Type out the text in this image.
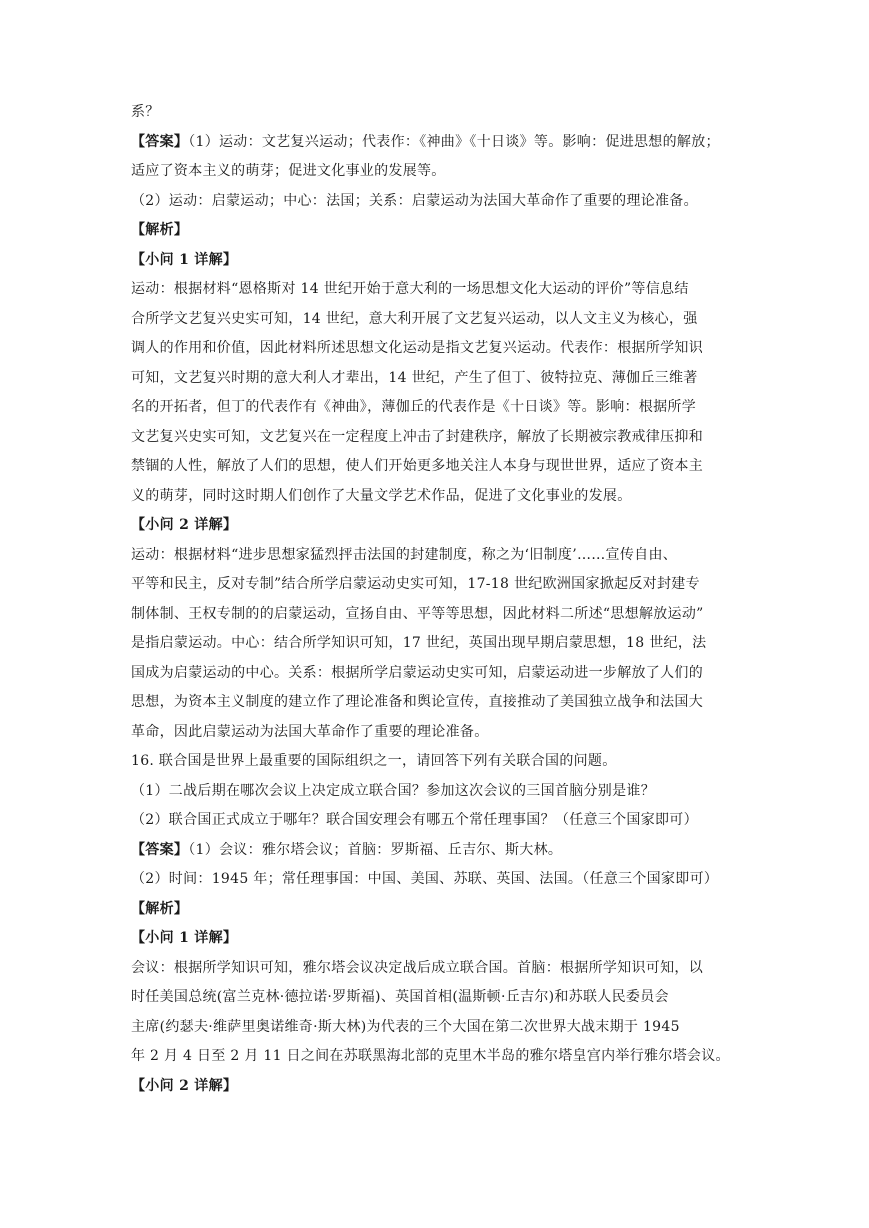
系？
【答案】（1）运动：文艺复兴运动；代表作：《神曲》《十日谈》等。影响：促进思想的解放；
适应了资本主义的萌芽；促进文化事业的发展等。
（2）运动：启蒙运动；中心：法国；关系：启蒙运动为法国大革命作了重要的理论准备。
【解析】
【小问 1 详解】
运动：根据材料“恩格斯对 14 世纪开始于意大利的一场思想文化大运动的评价”等信息结
合所学文艺复兴史实可知，14 世纪，意大利开展了文艺复兴运动，以人文主义为核心，强
调人的作用和价值，因此材料所述思想文化运动是指文艺复兴运动。代表作：根据所学知识
可知，文艺复兴时期的意大利人才辈出，14 世纪，产生了但丁、彼特拉克、薄伽丘三维著
名的开拓者，但丁的代表作有《神曲》，薄伽丘的代表作是《十日谈》等。影响：根据所学
文艺复兴史实可知，文艺复兴在一定程度上冲击了封建秩序，解放了长期被宗教戒律压抑和
禁锢的人性，解放了人们的思想，使人们开始更多地关注人本身与现世世界，适应了资本主
义的萌芽，同时这时期人们创作了大量文学艺术作品，促进了文化事业的发展。
【小问 2 详解】
运动：根据材料“进步思想家猛烈抨击法国的封建制度，称之为‘旧制度’……宣传自由、
平等和民主，反对专制”结合所学启蒙运动史实可知，17-18 世纪欧洲国家掀起反对封建专
制体制、王权专制的的启蒙运动，宣扬自由、平等等思想，因此材料二所述“思想解放运动”
是指启蒙运动。中心：结合所学知识可知，17 世纪，英国出现早期启蒙思想，18 世纪，法
国成为启蒙运动的中心。关系：根据所学启蒙运动史实可知，启蒙运动进一步解放了人们的
思想，为资本主义制度的建立作了理论准备和舆论宣传，直接推动了美国独立战争和法国大
革命，因此启蒙运动为法国大革命作了重要的理论准备。
16. 联合国是世界上最重要的国际组织之一，请回答下列有关联合国的问题。
（1）二战后期在哪次会议上决定成立联合国？参加这次会议的三国首脑分别是谁？
（2）联合国正式成立于哪年？联合国安理会有哪五个常任理事国？（任意三个国家即可）
【答案】（1）会议：雅尔塔会议；首脑：罗斯福、丘吉尔、斯大林。
（2）时间：1945 年；常任理事国：中国、美国、苏联、英国、法国。（任意三个国家即可）
【解析】
【小问 1 详解】
会议：根据所学知识可知，雅尔塔会议决定战后成立联合国。首脑：根据所学知识可知，以
时任美国总统(富兰克林·德拉诺·罗斯福)、英国首相(温斯顿·丘吉尔)和苏联人民委员会
主席(约瑟夫·维萨里奥诺维奇·斯大林)为代表的三个大国在第二次世界大战末期于 1945
年 2 月 4 日至 2 月 11 日之间在苏联黑海北部的克里木半岛的雅尔塔皇宫内举行雅尔塔会议。
【小问 2 详解】
